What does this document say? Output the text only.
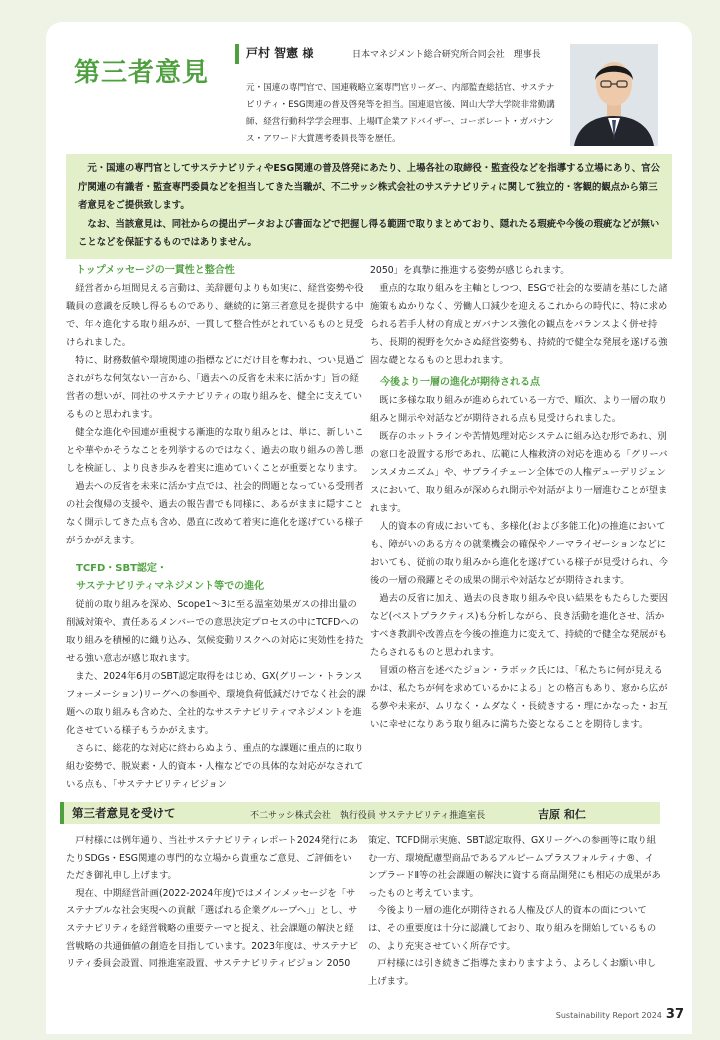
第三者意見
戸村 智憲 様	日本マネジメント総合研究所合同会社　理事長

元・国連の専門官で、国連戦略立案専門官リーダー、内部監査総括官、サステナビリティ・ESG関連の普及啓発等を担当。国連退官後、岡山大学大学院非常勤講師、経営行動科学学会理事、上場IT企業アドバイザー、コーポレート・ガバナンス・アワード大賞選考委員長等を歴任。

元・国連の専門官としてサステナビリティやESG関連の普及啓発にあたり、上場各社の取締役・監査役などを指導する立場にあり、官公庁関連の有識者・監査専門委員などを担当してきた当職が、不二サッシ株式会社のサステナビリティに関して独立的・客観的観点から第三者意見をご提供致します。

なお、当該意見は、同社からの提出データおよび書面などで把握し得る範囲で取りまとめており、隠れたる瑕疵や今後の瑕疵などが無いことなどを保証するものではありません。

トップメッセージの一貫性と整合性

経営者から垣間見える言動は、美辞麗句よりも如実に、経営姿勢や役職員の意識を反映し得るものであり、継続的に第三者意見を提供する中で、年々進化する取り組みが、一貫して整合性がとれているものと見受けられました。

特に、財務数値や環境関連の指標などにだけ目を奪われ、つい見過ごされがちな何気ない一言から、「過去への反省を未来に活かす」旨の経営者の想いが、同社のサステナビリティの取り組みを、健全に支えているものと思われます。

健全な進化や国連が重視する漸進的な取り組みとは、単に、新しいことや華やかそうなことを列挙するのではなく、過去の取り組みの善し悪しを検証し、より良き歩みを着実に進めていくことが重要となります。

過去への反省を未来に活かす点では、社会的問題となっている受刑者の社会復帰の支援や、過去の報告書でも同様に、あるがままに隠すことなく開示してきた点も含め、愚直に改めて着実に進化を遂げている様子がうかがえます。

TCFD・SBT認定・

サステナビリティマネジメント等での進化

従前の取り組みを深め、Scope1～3に至る温室効果ガスの排出量の削減対策や、責任あるメンバーでの意思決定プロセスの中にTCFDへの取り組みを積極的に織り込み、気候変動リスクへの対応に実効性を持たせる強い意志が感じ取れます。

また、2024年6月のSBT認定取得をはじめ、GX(グリーン・トランスフォーメーション)リーグへの参画や、環境負荷低減だけでなく社会的課題への取り組みも含めた、全社的なサステナビリティマネジメントを進化させている様子もうかがえます。

さらに、総花的な対応に終わらぬよう、重点的な課題に重点的に取り組む姿勢で、脱炭素・人的資本・人権などでの具体的な対応がなされている点も、「サステナビリティビジョン

2050」を真摯に推進する姿勢が感じられます。

重点的な取り組みを主軸としつつ、ESGで社会的な要請を基にした諸施策もぬかりなく、労働人口減少を迎えるこれからの時代に、特に求められる若手人材の育成とガバナンス強化の観点をバランスよく併せ持ち、長期的視野を欠かさぬ経営姿勢も、持続的で健全な発展を遂げる強固な礎となるものと思われます。

今後より一層の進化が期待される点

既に多様な取り組みが進められている一方で、順次、より一層の取り組みと開示や対話などが期待される点も見受けられました。

既存のホットラインや苦情処理対応システムに組み込む形であれ、別の窓口を設置する形であれ、広範に人権救済の対応を進める「グリーバンスメカニズム」や、サプライチェーン全体での人権デューデリジェンスにおいて、取り組みが深められ開示や対話がより一層進むことが望まれます。

人的資本の育成においても、多様化(および多能工化)の推進においても、障がいのある方々の就業機会の確保やノーマライゼーションなどにおいても、従前の取り組みから進化を遂げている様子が見受けられ、今後の一層の飛躍とその成果の開示や対話などが期待されます。

過去の反省に加え、過去の良き取り組みや良い結果をもたらした要因など(ベストプラクティス)も分析しながら、良き活動を進化させ、活かすべき教訓や改善点を今後の推進力に変えて、持続的で健全な発展がもたらされるものと思われます。

冒頭の格言を述べたジョン・ラボック氏には、「私たちに何が見えるかは、私たちが何を求めているかによる」との格言もあり、窓から広がる夢や未来が、ムリなく・ムダなく・長続きする・理にかなった・お互いに幸せになりあう取り組みに満ちた姿となることを期待します。

第三者意見を受けて	不二サッシ株式会社　執行役員 サステナビリティ推進室長	吉原 和仁

戸村様には例年通り、当社サステナビリティレポート2024発行にあたりSDGs・ESG関連の専門的な立場から貴重なご意見、ご評価をいただき御礼申し上げます。

現在、中期経営計画(2022-2024年度)ではメインメッセージを「サステナブルな社会実現への貢献「選ばれる企業グループへ」」とし、サステナビリティを経営戦略の重要テーマと捉え、社会課題の解決と経営戦略の共通価値の創造を目指しています。2023年度は、サステナビリティ委員会設置、同推進室設置、サステナビリティビジョン 2050

策定、TCFD開示実施、SBT認定取得、GXリーグへの参画等に取り組む一方、環境配慮型商品であるアルピームプラスフォルティナ®、インプラードⅡ等の社会課題の解決に資する商品開発にも相応の成果があったものと考えています。

今後より一層の進化が期待される人権及び人的資本の面については、その重要度は十分に認識しており、取り組みを開始しているものの、より充実させていく所存です。

戸村様には引き続きご指導たまわりますよう、よろしくお願い申し上げます。

Sustainability Report 2024 37
